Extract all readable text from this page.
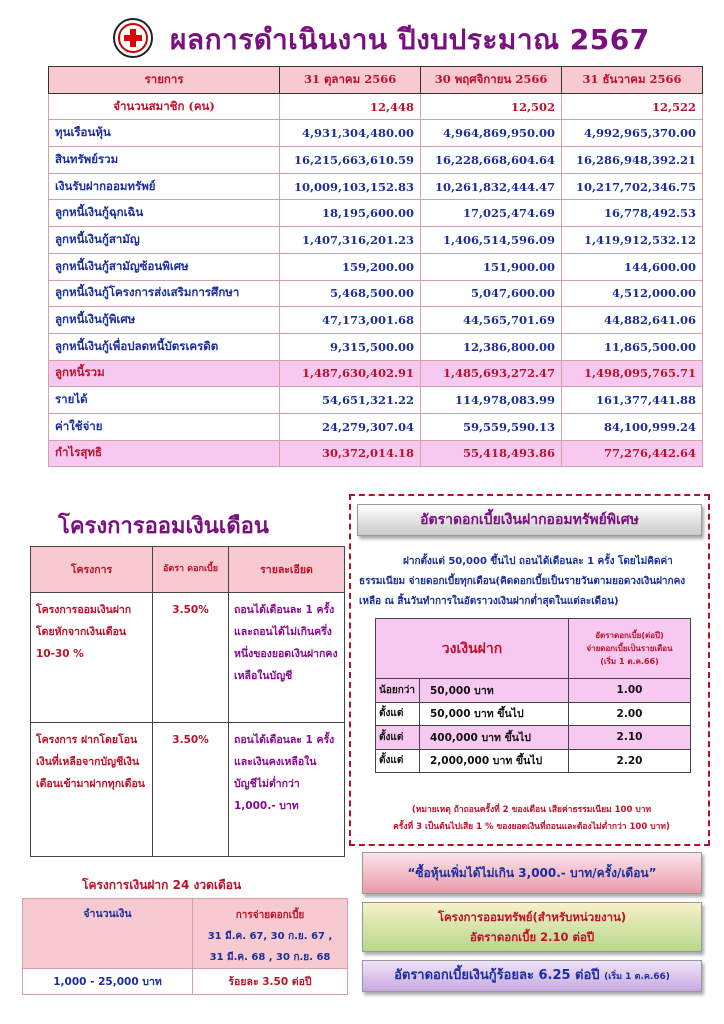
ผลการดำเนินงาน ปีงบประมาณ 2567
รายการ	31 ตุลาคม 2566	30 พฤศจิกายน 2566	31 ธันวาคม 2566
จำนวนสมาชิก (คน)	12,448	12,502	12,522
ทุนเรือนหุ้น	4,931,304,480.00	4,964,869,950.00	4,992,965,370.00
สินทรัพย์รวม	16,215,663,610.59	16,228,668,604.64	16,286,948,392.21
เงินรับฝากออมทรัพย์	10,009,103,152.83	10,261,832,444.47	10,217,702,346.75
ลูกหนี้เงินกู้ฉุกเฉิน	18,195,600.00	17,025,474.69	16,778,492.53
ลูกหนี้เงินกู้สามัญ	1,407,316,201.23	1,406,514,596.09	1,419,912,532.12
ลูกหนี้เงินกู้สามัญซ้อนพิเศษ	159,200.00	151,900.00	144,600.00
ลูกหนี้เงินกู้โครงการส่งเสริมการศึกษา	5,468,500.00	5,047,600.00	4,512,000.00
ลูกหนี้เงินกู้พิเศษ	47,173,001.68	44,565,701.69	44,882,641.06
ลูกหนี้เงินกู้เพื่อปลดหนี้บัตรเครดิต	9,315,500.00	12,386,800.00	11,865,500.00
ลูกหนี้รวม	1,487,630,402.91	1,485,693,272.47	1,498,095,765.71
รายได้	54,651,321.22	114,978,083.99	161,377,441.88
ค่าใช้จ่าย	24,279,307.04	59,559,590.13	84,100,999.24
กำไรสุทธิ	30,372,014.18	55,418,493.86	77,276,442.64
โครงการออมเงินเดือน
โครงการ	อัตรา ดอกเบี้ย	รายละเอียด
โครงการออมเงินฝากโดยหักจากเงินเดือน 10-30 %	3.50%	ถอนได้เดือนละ 1 ครั้ง และถอนได้ไม่เกินครึ่งหนึ่งของยอดเงินฝากคงเหลือในบัญชี
โครงการ ฝากโดยโอนเงินที่เหลือจากบัญชีเงินเดือนเข้ามาฝากทุกเดือน	3.50%	ถอนได้เดือนละ 1 ครั้ง และเงินคงเหลือในบัญชีไม่ต่ำกว่า 1,000.- บาท
โครงการเงินฝาก 24 งวดเดือน
จำนวนเงิน	การจ่ายดอกเบี้ย
31 มี.ค. 67, 30 ก.ย. 67 ,
31 มี.ค. 68 , 30 ก.ย. 68

1,000 - 25,000 บาท	ร้อยละ 3.50 ต่อปี
อัตราดอกเบี้ยเงินฝากออมทรัพย์พิเศษ
ฝากตั้งแต่ 50,000 ขึ้นไป ถอนได้เดือนละ 1 ครั้ง โดยไม่คิดค่าธรรมเนียม จ่ายดอกเบี้ยทุกเดือน(คิดดอกเบี้ยเป็นรายวันตามยอดวงเงินฝากคงเหลือ ณ สิ้นวันทำการในอัตราวงเงินฝากต่ำสุดในแต่ละเดือน)
วงเงินฝาก		อัตราดอกเบี้ย(ต่อปี)
จ่ายดอกเบี้ยเป็นรายเดือน
(เริ่ม 1 ต.ค.66)

น้อยกว่า	50,000 บาท	1.00
ตั้งแต่	50,000 บาท ขึ้นไป	2.00
ตั้งแต่	400,000 บาท ขึ้นไป	2.10
ตั้งแต่	2,000,000 บาท ขึ้นไป	2.20
(หมายเหตุ ถ้าถอนครั้งที่ 2 ของเดือน เสียค่าธรรมเนียม 100 บาท
ครั้งที่ 3 เป็นต้นไปเสีย 1 % ของยอดเงินที่ถอนและต้องไม่ต่ำกว่า 100 บาท)
“ซื้อหุ้นเพิ่มได้ไม่เกิน 3,000.- บาท/ครั้ง/เดือน”
โครงการออมทรัพย์(สำหรับหน่วยงาน)
อัตราดอกเบี้ย 2.10 ต่อปี
อัตราดอกเบี้ยเงินกู้ร้อยละ 6.25 ต่อปี (เริ่ม 1 ต.ค.66)
